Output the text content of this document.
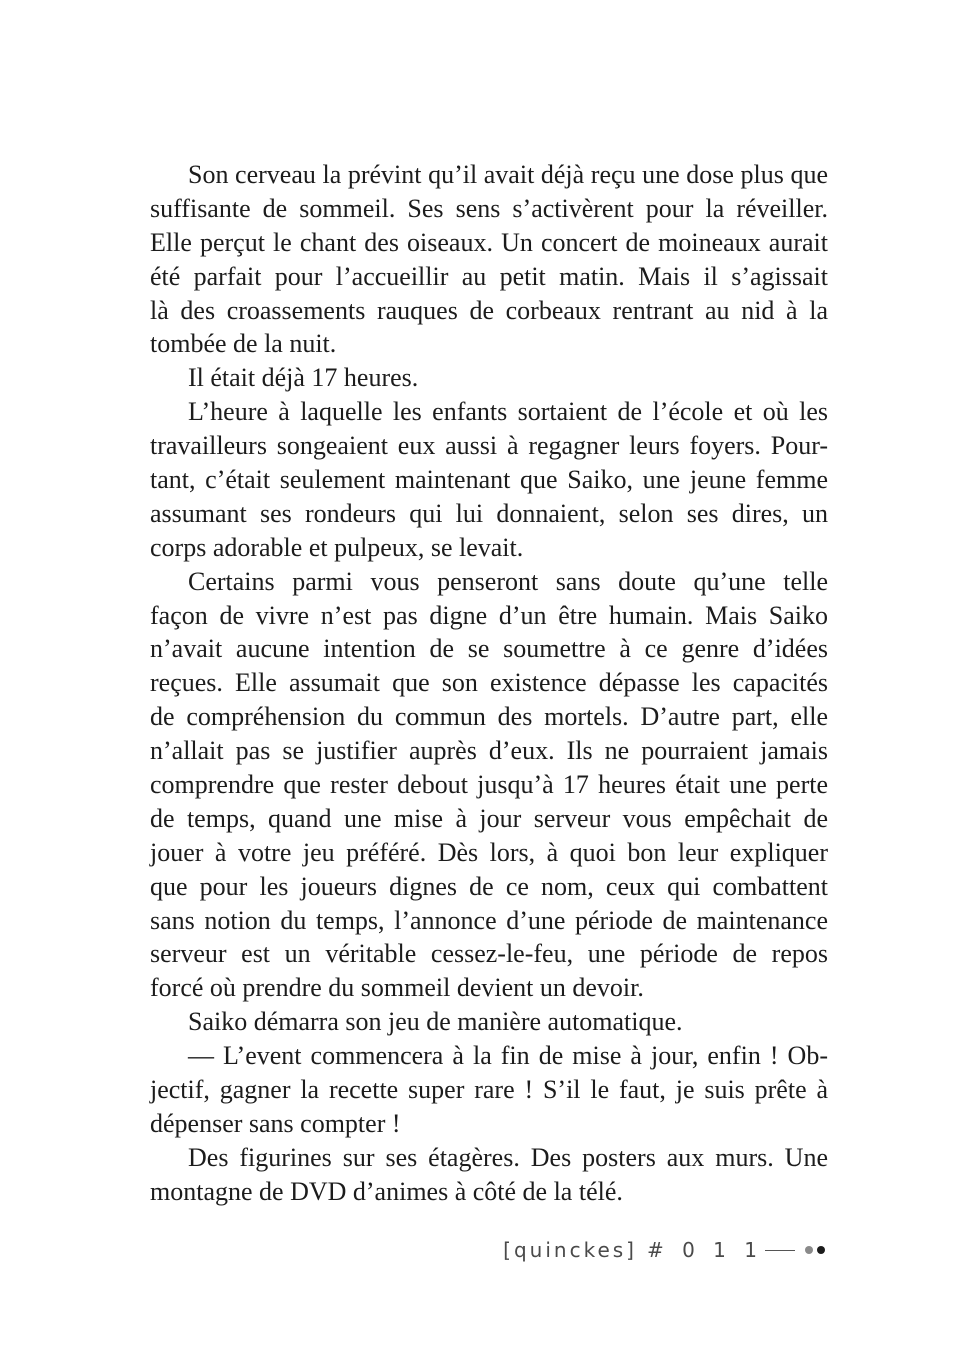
Son cerveau la prévint qu’il avait déjà reçu une dose plus que
suffisante de sommeil. Ses sens s’activèrent pour la réveiller.
Elle perçut le chant des oiseaux. Un concert de moineaux aurait
été parfait pour l’accueillir au petit matin. Mais il s’agissait
là des croassements rauques de corbeaux rentrant au nid à la
tombée de la nuit.
Il était déjà 17 heures.
L’heure à laquelle les enfants sortaient de l’école et où les
travailleurs songeaient eux aussi à regagner leurs foyers. Pour-
tant, c’était seulement maintenant que Saiko, une jeune femme
assumant ses rondeurs qui lui donnaient, selon ses dires, un
corps adorable et pulpeux, se levait.
Certains parmi vous penseront sans doute qu’une telle
façon de vivre n’est pas digne d’un être humain. Mais Saiko
n’avait aucune intention de se soumettre à ce genre d’idées
reçues. Elle assumait que son existence dépasse les capacités
de compréhension du commun des mortels. D’autre part, elle
n’allait pas se justifier auprès d’eux. Ils ne pourraient jamais
comprendre que rester debout jusqu’à 17 heures était une perte
de temps, quand une mise à jour serveur vous empêchait de
jouer à votre jeu préféré. Dès lors, à quoi bon leur expliquer
que pour les joueurs dignes de ce nom, ceux qui combattent
sans notion du temps, l’annonce d’une période de maintenance
serveur est un véritable cessez-le-feu, une période de repos
forcé où prendre du sommeil devient un devoir.
Saiko démarra son jeu de manière automatique.
— L’event commencera à la fin de mise à jour, enfin ! Ob-
jectif, gagner la recette super rare ! S’il le faut, je suis prête à
dépenser sans compter !
Des figurines sur ses étagères. Des posters aux murs. Une
montagne de DVD d’animes à côté de la télé.
[quinckes] # 0 1 1
